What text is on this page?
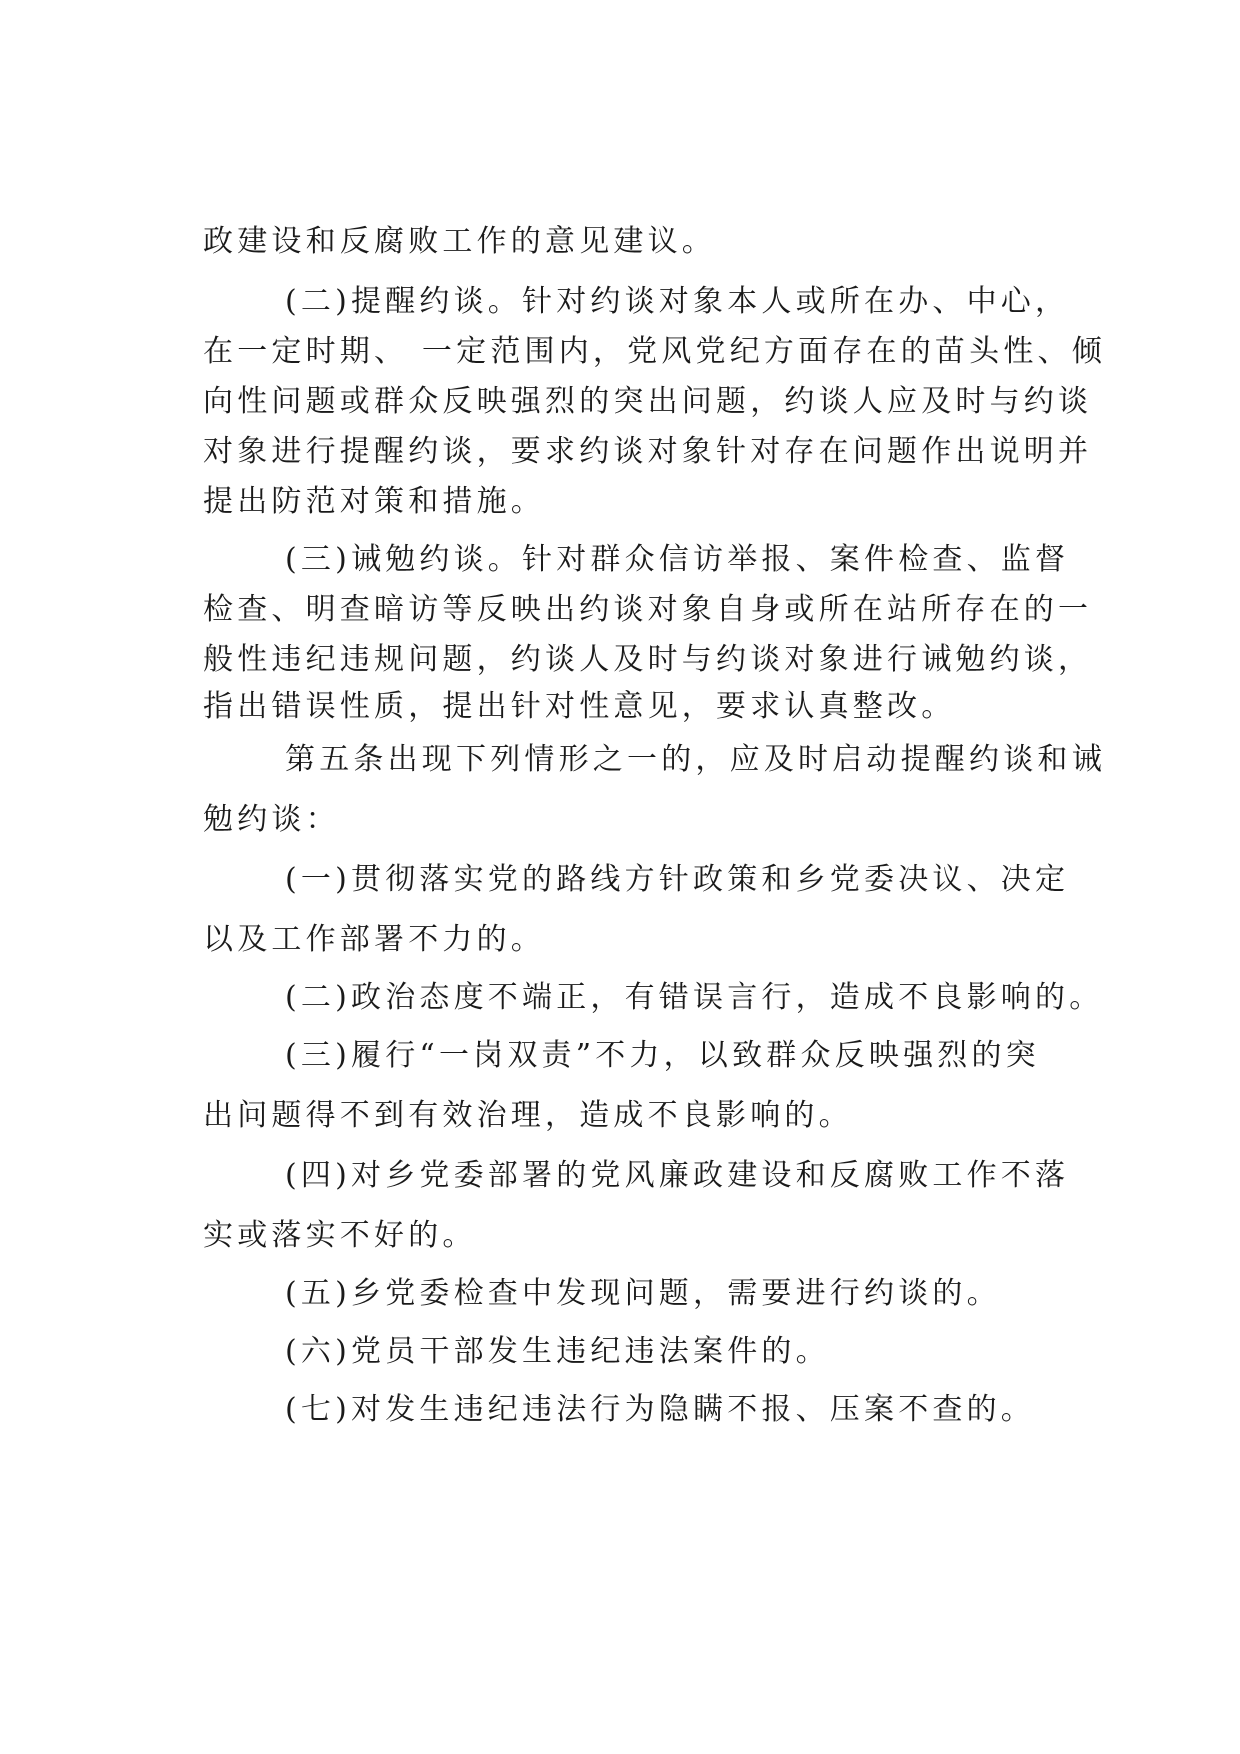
政建设和反腐败工作的意见建议。
(二)提醒约谈。针对约谈对象本人或所在办、中心，
在一定时期、 一定范围内，党风党纪方面存在的苗头性、倾
向性问题或群众反映强烈的突出问题，约谈人应及时与约谈
对象进行提醒约谈，要求约谈对象针对存在问题作出说明并
提出防范对策和措施。
(三)诫勉约谈。针对群众信访举报、案件检查、监督
检查、明查暗访等反映出约谈对象自身或所在站所存在的一
般性违纪违规问题，约谈人及时与约谈对象进行诫勉约谈，
指出错误性质，提出针对性意见，要求认真整改。
第五条出现下列情形之一的，应及时启动提醒约谈和诫
勉约谈：
(一)贯彻落实党的路线方针政策和乡党委决议、决定
以及工作部署不力的。
(二)政治态度不端正，有错误言行，造成不良影响的。
(三)履行“一岗双责”不力，以致群众反映强烈的突
出问题得不到有效治理，造成不良影响的。
(四)对乡党委部署的党风廉政建设和反腐败工作不落
实或落实不好的。
(五)乡党委检查中发现问题，需要进行约谈的。
(六)党员干部发生违纪违法案件的。
(七)对发生违纪违法行为隐瞒不报、压案不查的。
